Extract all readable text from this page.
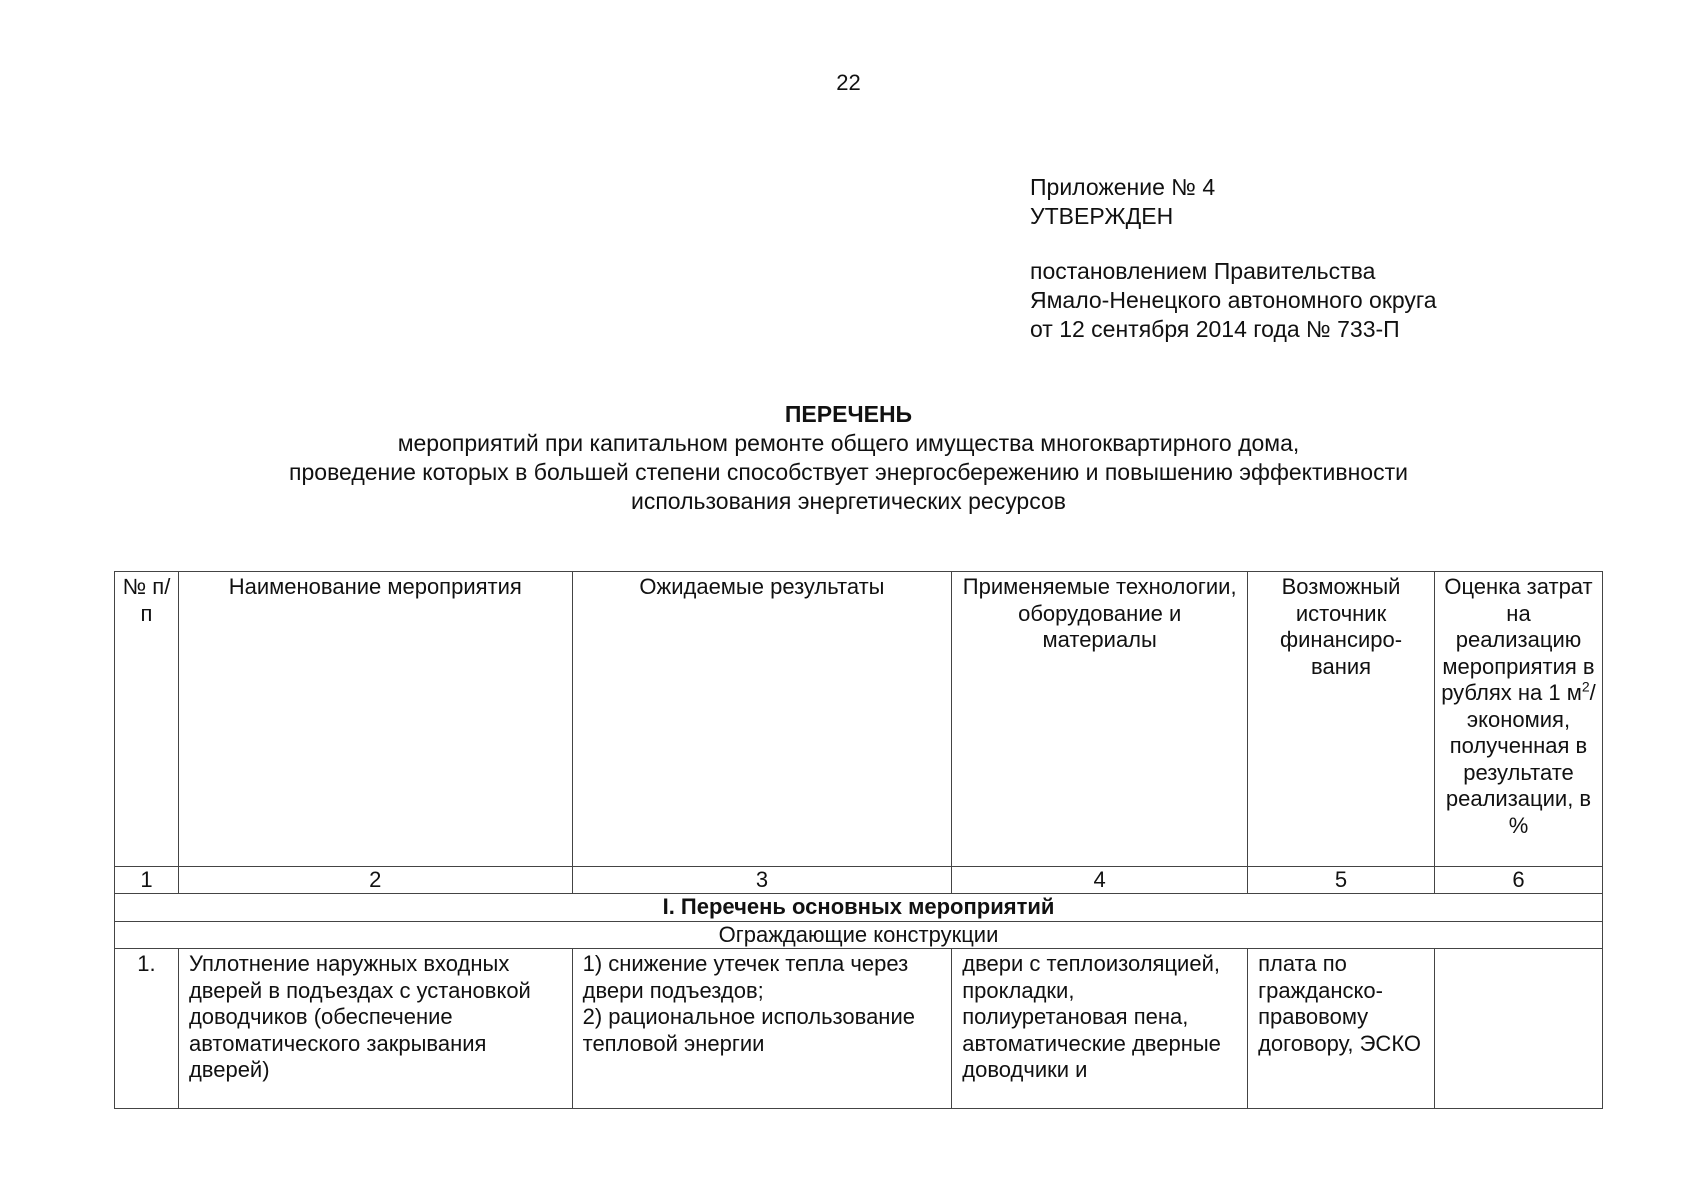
22
Приложение № 4
УТВЕРЖДЕН
постановлением Правительства
Ямало-Ненецкого автономного округа
от 12 сентября 2014 года № 733-П
ПЕРЕЧЕНЬ
мероприятий при капитальном ремонте общего имущества многоквартирного дома,
проведение которых в большей степени способствует энергосбережению и повышению эффективности
использования энергетических ресурсов
№ п/п	Наименование мероприятия	Ожидаемые результаты	Применяемые технологии, оборудование и материалы	Возможный источник финансиро-вания	Оценка затрат на реализацию мероприятия в рублях на 1 $м^2/$ экономия, полученная в результате реализации, в %
1	2	3	4	5	6
I. Перечень основных мероприятий					
Ограждающие конструкции					
1.	Уплотнение наружных входных дверей в подъездах с установкой доводчиков (обеспечение автоматического закрывания дверей)	1) снижение утечек тепла через двери подъездов;
2) рациональное использование тепловой энергии	двери с теплоизоляцией, прокладки, полиуретановая пена, автоматические дверные доводчики и	плата по гражданско-правовому договору, ЭСКО	
